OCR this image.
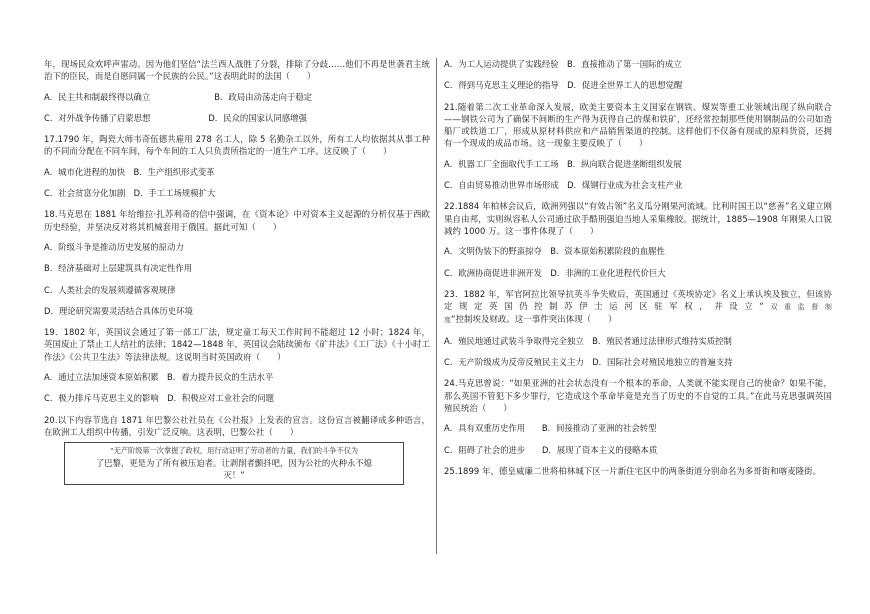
年，现场民众欢呼声雷动。因为他们坚信“法兰西人战胜了分裂，排除了分歧……他们不再是世袭君主统治下的臣民，而是自愿同属一个民族的公民。”这表明此时的法国（　　）

A．民主共和制最终得以确立	B．政局由动荡走向于稳定

C．对外战争传播了启蒙思想	D．民众的国家认同感增强

17.1790 年，陶瓷大师韦奇伍德共雇用 278 名工人，除 5 名勤杂工以外，所有工人均依据其从事工种的不同而分配在不同车间，每个车间的工人只负责所指定的一道生产工序。这反映了（　　）

A．城市化进程的加快　 B．生产组织形式变革

C．社会贫富分化加剧　 D．手工工场规模扩大

18.马克思在 1881 年给维拉·扎苏利奇的信中强调，在《资本论》中对资本主义起源的分析仅基于西欧历史经验，并坚决反对将其机械套用于俄国。据此可知（　　）

A．阶级斗争是推动历史发展的原动力

B．经济基础对上层建筑具有决定性作用

C．人类社会的发展须遵循客观规律

D．理论研究需要灵活结合具体历史环境

19．1802 年，英国议会通过了第一部工厂法，规定童工每天工作时间不能超过 12 小时；1824 年，英国废止了禁止工人结社的法律；1842—1848 年，英国议会陆续颁布《矿井法》《工厂法》《十小时工作法》《公共卫生法》等法律法规。这说明当时英国政府（　　）

A．通过立法加速资本原始积累　 B．着力提升民众的生活水平

C．极力排斥马克思主义的影响　 D．积极应对工业社会的问题

20.以下内容节选自 1871 年巴黎公社社员在《公社报》上发表的宣言。这份宣言被翻译成多种语言，在欧洲工人组织中传播，引发广泛反响。这表明，巴黎公社（　　）

“无产阶级第一次掌握了政权，用行动证明了劳动者的力量，我们的斗争不仅为
了巴黎，更是为了所有被压迫者。让剥削者颤抖吧，因为公社的火种永不熄
灭！”

A．为工人运动提供了实践经验　 B．直接推动了第一国际的成立

C．得到马克思主义理论的指导　 D．促进全世界工人的思想觉醒

21.随着第二次工业革命深入发展，欧美主要资本主义国家在钢铁、煤炭等重工业领域出现了纵向联合——钢铁公司为了确保不间断的生产得为获得自己的煤和铁矿，还经常控制那些使用钢制品的公司如造船厂或铁道工厂，形成从原材料供应和产品销售渠道的控制。这样他们不仅备有现成的原料货资，还拥有一个现成的成品市场。这一现象主要反映了（　　）

A．机器工厂全面取代手工工场　 B．纵向联合促进垄断组织发展

C．自由贸易推动世界市场形成　 D．煤钢行业成为社会支柱产业

22.1884 年柏林会议后，欧洲列强以“有效占领”名义瓜分刚果河流域。比利时国王以“慈善”名义建立刚果自由邦，实则纵容私人公司通过砍手酷刑强迫当地人采集橡胶。据统计，1885—1908 年刚果人口锐减约 1000 万。这一事件体现了（　　）

A．文明伪装下的野蛮掠夺　 B．资本原始积累阶段的血腥性

C．欧洲协商促进非洲开发　 D．非洲的工业化进程代价巨大

23．1882 年，军官阿拉比领导抗英斗争失败后，英国通过《英埃协定》名义上承认埃及独立，但该协定规定英国仍控制苏伊士运河区驻军权，并设立“双重监督制度”控制埃及财政。这一事件突出体现（　　）

A．殖民地通过武装斗争取得完全独立　 B．殖民者通过法律形式维持实质控制

C．无产阶级成为反帝反殖民主义主力　 D．国际社会对殖民地独立的普遍支持

24.马克思曾说：“如果亚洲的社会状态没有一个根本的革命，人类就不能实现自己的使命？如果不能，那么英国不管犯下多少罪行，它造成这个革命毕竟是充当了历史的不自觉的工具。”在此马克思强调英国殖民统治（　　）

A．具有双重历史作用　　 B．间接推动了亚洲的社会转型

C．阻碍了社会的进步　　 D．展现了资本主义的侵略本质

25.1899 年，德皇威廉二世将柏林城下区一片新住宅区中的两条街道分别命名为多哥街和喀麦隆街。
